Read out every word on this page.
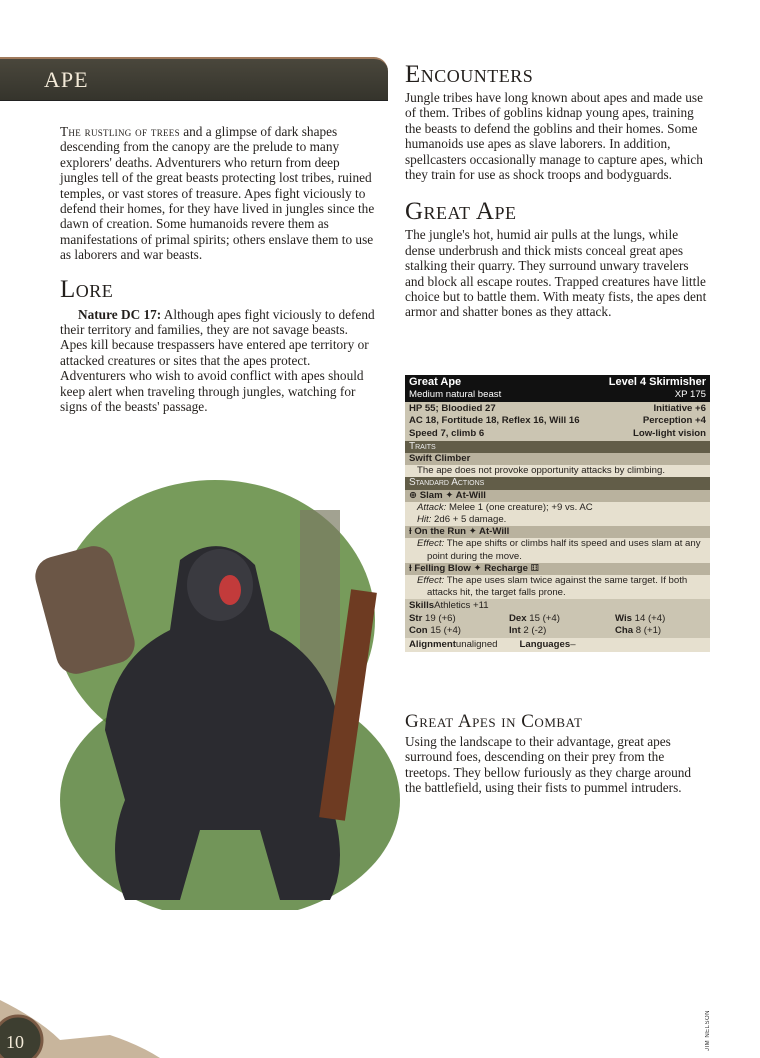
APE

The rustling of trees and a glimpse of dark shapes descending from the canopy are the prelude to many explorers' deaths. Adventurers who return from deep jungles tell of the great beasts protecting lost tribes, ruined temples, or vast stores of treasure. Apes fight viciously to defend their homes, for they have lived in jungles since the dawn of creation. Some humanoids revere them as manifestations of primal spirits; others enslave them to use as laborers and war beasts.

Lore

Nature DC 17: Although apes fight viciously to defend their territory and families, they are not savage beasts. Apes kill because trespassers have entered ape territory or attacked creatures or sites that the apes protect. Adventurers who wish to avoid conflict with apes should keep alert when traveling through jungles, watching for signs of the beasts' passage.

Encounters

Jungle tribes have long known about apes and made use of them. Tribes of goblins kidnap young apes, training the beasts to defend the goblins and their homes. Some humanoids use apes as slave laborers. In addition, spellcasters occasionally manage to capture apes, which they train for use as shock troops and bodyguards.

Great Ape

The jungle's hot, humid air pulls at the lungs, while dense underbrush and thick mists conceal great apes stalking their quarry. They surround unwary travelers and block all escape routes. Trapped creatures have little choice but to battle them. With meaty fists, the apes dent armor and shatter bones as they attack.

Great Ape	Level 4 Skirmisher
Medium natural beast	XP 175
HP 55; Bloodied 27	Initiative +6
AC 18, Fortitude 18, Reflex 16, Will 16	Perception +4
Speed 7, climb 6	Low-light vision
Traits
Swift Climber
The ape does not provoke opportunity attacks by climbing.
Standard Actions
⊕ Slam ✦ At-Will
Attack: Melee 1 (one creature); +9 vs. AC
Hit: 2d6 + 5 damage.
ƚ On the Run ✦ At-Will
Effect: The ape shifts or climbs half its speed and uses slam at any point during the move.
ƚ Felling Blow ✦ Recharge ⚅
Effect: The ape uses slam twice against the same target. If both attacks hit, the target falls prone.
Skills Athletics +11
Str 19 (+6)	Dex 15 (+4)	Wis 14 (+4)
Con 15 (+4)	Int 2 (-2)	Cha 8 (+1)
Alignment unaligned Languages –
Great Apes in Combat

Using the landscape to their advantage, great apes surround foes, descending on their prey from the treetops. They bellow furiously as they charge around the battlefield, using their fists to pummel intruders.

10	JIM NELSON
